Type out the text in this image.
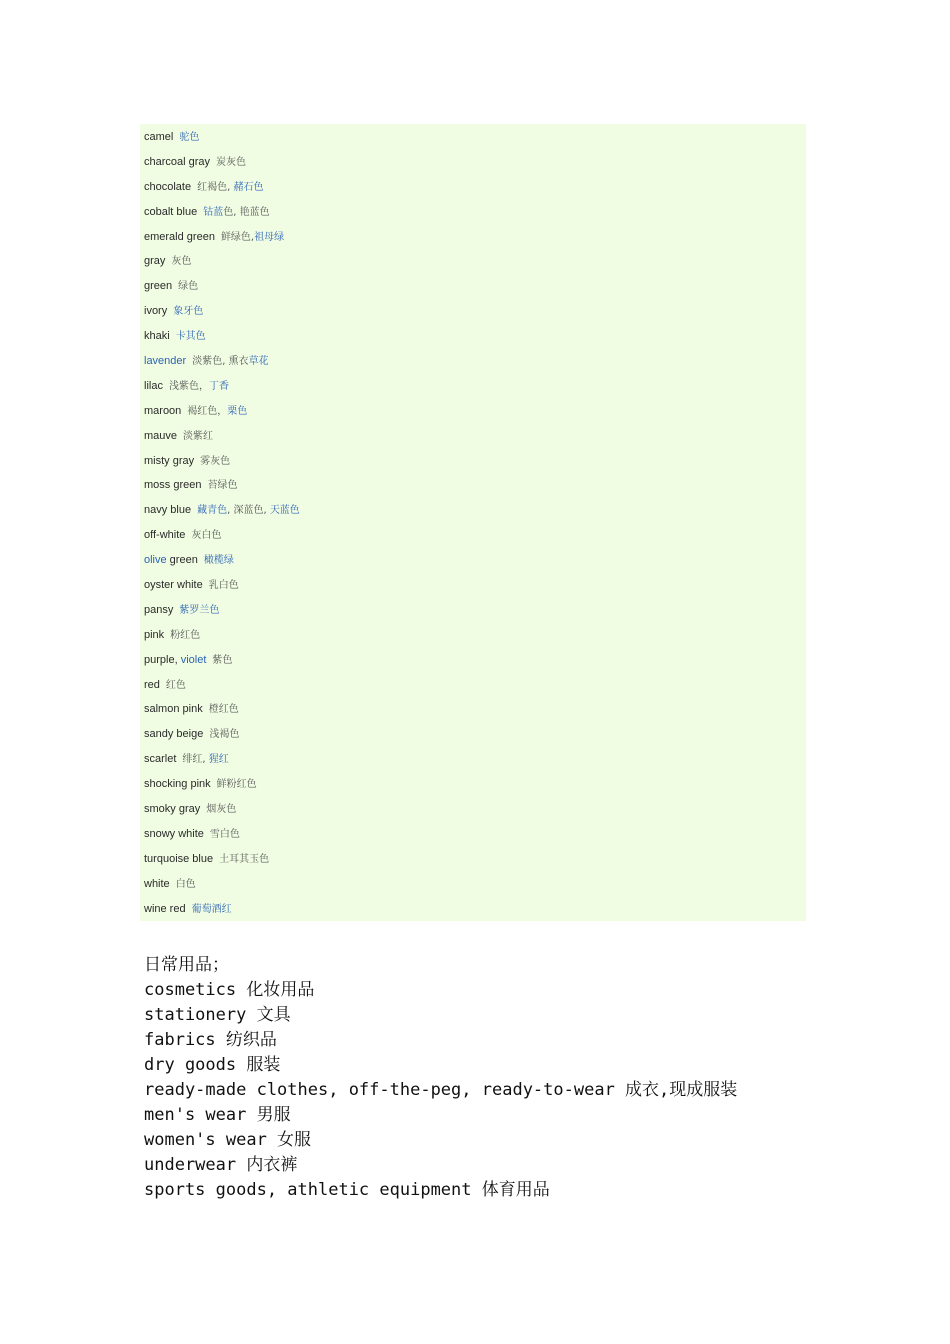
camel 驼色
charcoal gray 炭灰色
chocolate 红褐色, 赭石色
cobalt blue 钴蓝色, 艳蓝色
emerald green 鲜绿色,祖母绿
gray 灰色
green 绿色
ivory 象牙色
khaki 卡其色
lavender 淡紫色, 熏衣草花
lilac 浅紫色，丁香
maroon 褐红色，栗色
mauve 淡紫红
misty gray 雾灰色
moss green 苔绿色
navy blue 藏青色, 深蓝色, 天蓝色
off-white 灰白色
olive green 橄榄绿
oyster white 乳白色
pansy 紫罗兰色
pink 粉红色
purple, violet 紫色
red 红色
salmon pink 橙红色
sandy beige 浅褐色
scarlet 绯红, 猩红
shocking pink 鲜粉红色
smoky gray 烟灰色
snowy white 雪白色
turquoise blue 土耳其玉色
white 白色
wine red 葡萄酒红
日常用品；
cosmetics 化妆用品
stationery 文具
fabrics 纺织品
dry goods 服装
ready-made clothes, off-the-peg, ready-to-wear 成衣,现成服装
men's wear 男服
women's wear 女服
underwear 内衣裤
sports goods, athletic equipment 体育用品
